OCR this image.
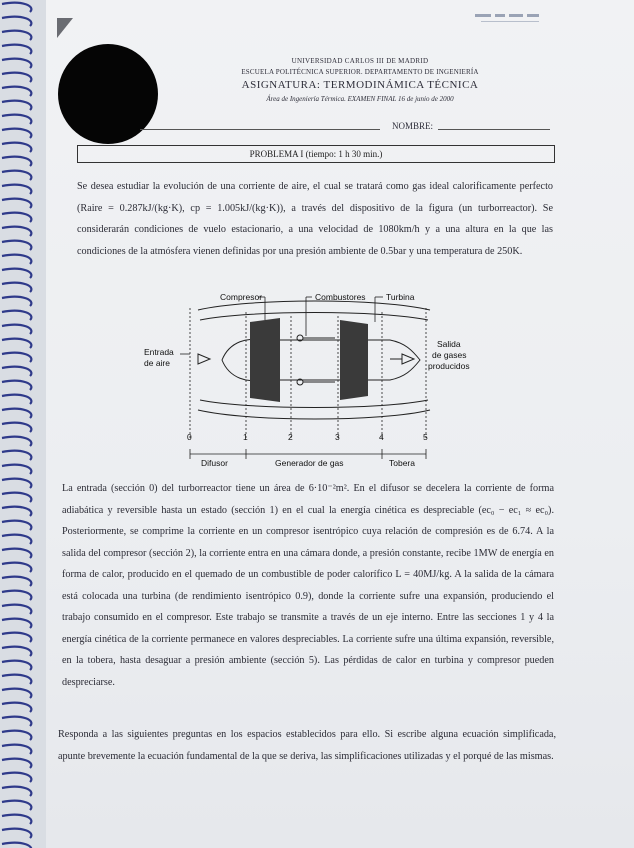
UNIVERSIDAD CARLOS III DE MADRID
ESCUELA POLITÉCNICA SUPERIOR. DEPARTAMENTO DE INGENIERÍA
ASIGNATURA: TERMODINÁMICA TÉCNICA
Área de Ingeniería Térmica. EXAMEN FINAL 16 de junio de 2000
NOMBRE:
PROBLEMA I (tiempo: 1 h 30 min.)
Se desea estudiar la evolución de una corriente de aire, el cual se tratará como gas ideal calorificamente perfecto (Raire = 0.287kJ/(kg·K), cp = 1.005kJ/(kg·K)), a través del dispositivo de la figura (un turborreactor). Se considerarán condiciones de vuelo estacionario, a una velocidad de 1080km/h y a una altura en la que las condiciones de la atmósfera vienen definidas por una presión ambiente de 0.5bar y una temperatura de 250K.
Compresor	Combustores Turbina
Entrada
de aire
Salida
de gases
producidos
0	1	2	3	4	5
Difusor	Generador de gas	Tobera
La entrada (sección 0) del turborreactor tiene un área de 6·10⁻²m². En el difusor se decelera la corriente de forma adiabática y reversible hasta un estado (sección 1) en el cual la energía cinética es despreciable (ec₀ − ec₁ ≈ ec₀). Posteriormente, se comprime la corriente en un compresor isentrópico cuya relación de compresión es de 6.74. A la salida del compresor (sección 2), la corriente entra en una cámara donde, a presión constante, recibe 1MW de energía en forma de calor, producido en el quemado de un combustible de poder calorífico L = 40MJ/kg. A la salida de la cámara está colocada una turbina (de rendimiento isentrópico 0.9), donde la corriente sufre una expansión, produciendo el trabajo consumido en el compresor. Este trabajo se transmite a través de un eje interno. Entre las secciones 1 y 4 la energía cinética de la corriente permanece en valores despreciables. La corriente sufre una última expansión, reversible, en la tobera, hasta desaguar a presión ambiente (sección 5). Las pérdidas de calor en turbina y compresor pueden despreciarse.
Responda a las siguientes preguntas en los espacios establecidos para ello. Si escribe alguna ecuación simplificada, apunte brevemente la ecuación fundamental de la que se deriva, las simplificaciones utilizadas y el porqué de las mismas.
